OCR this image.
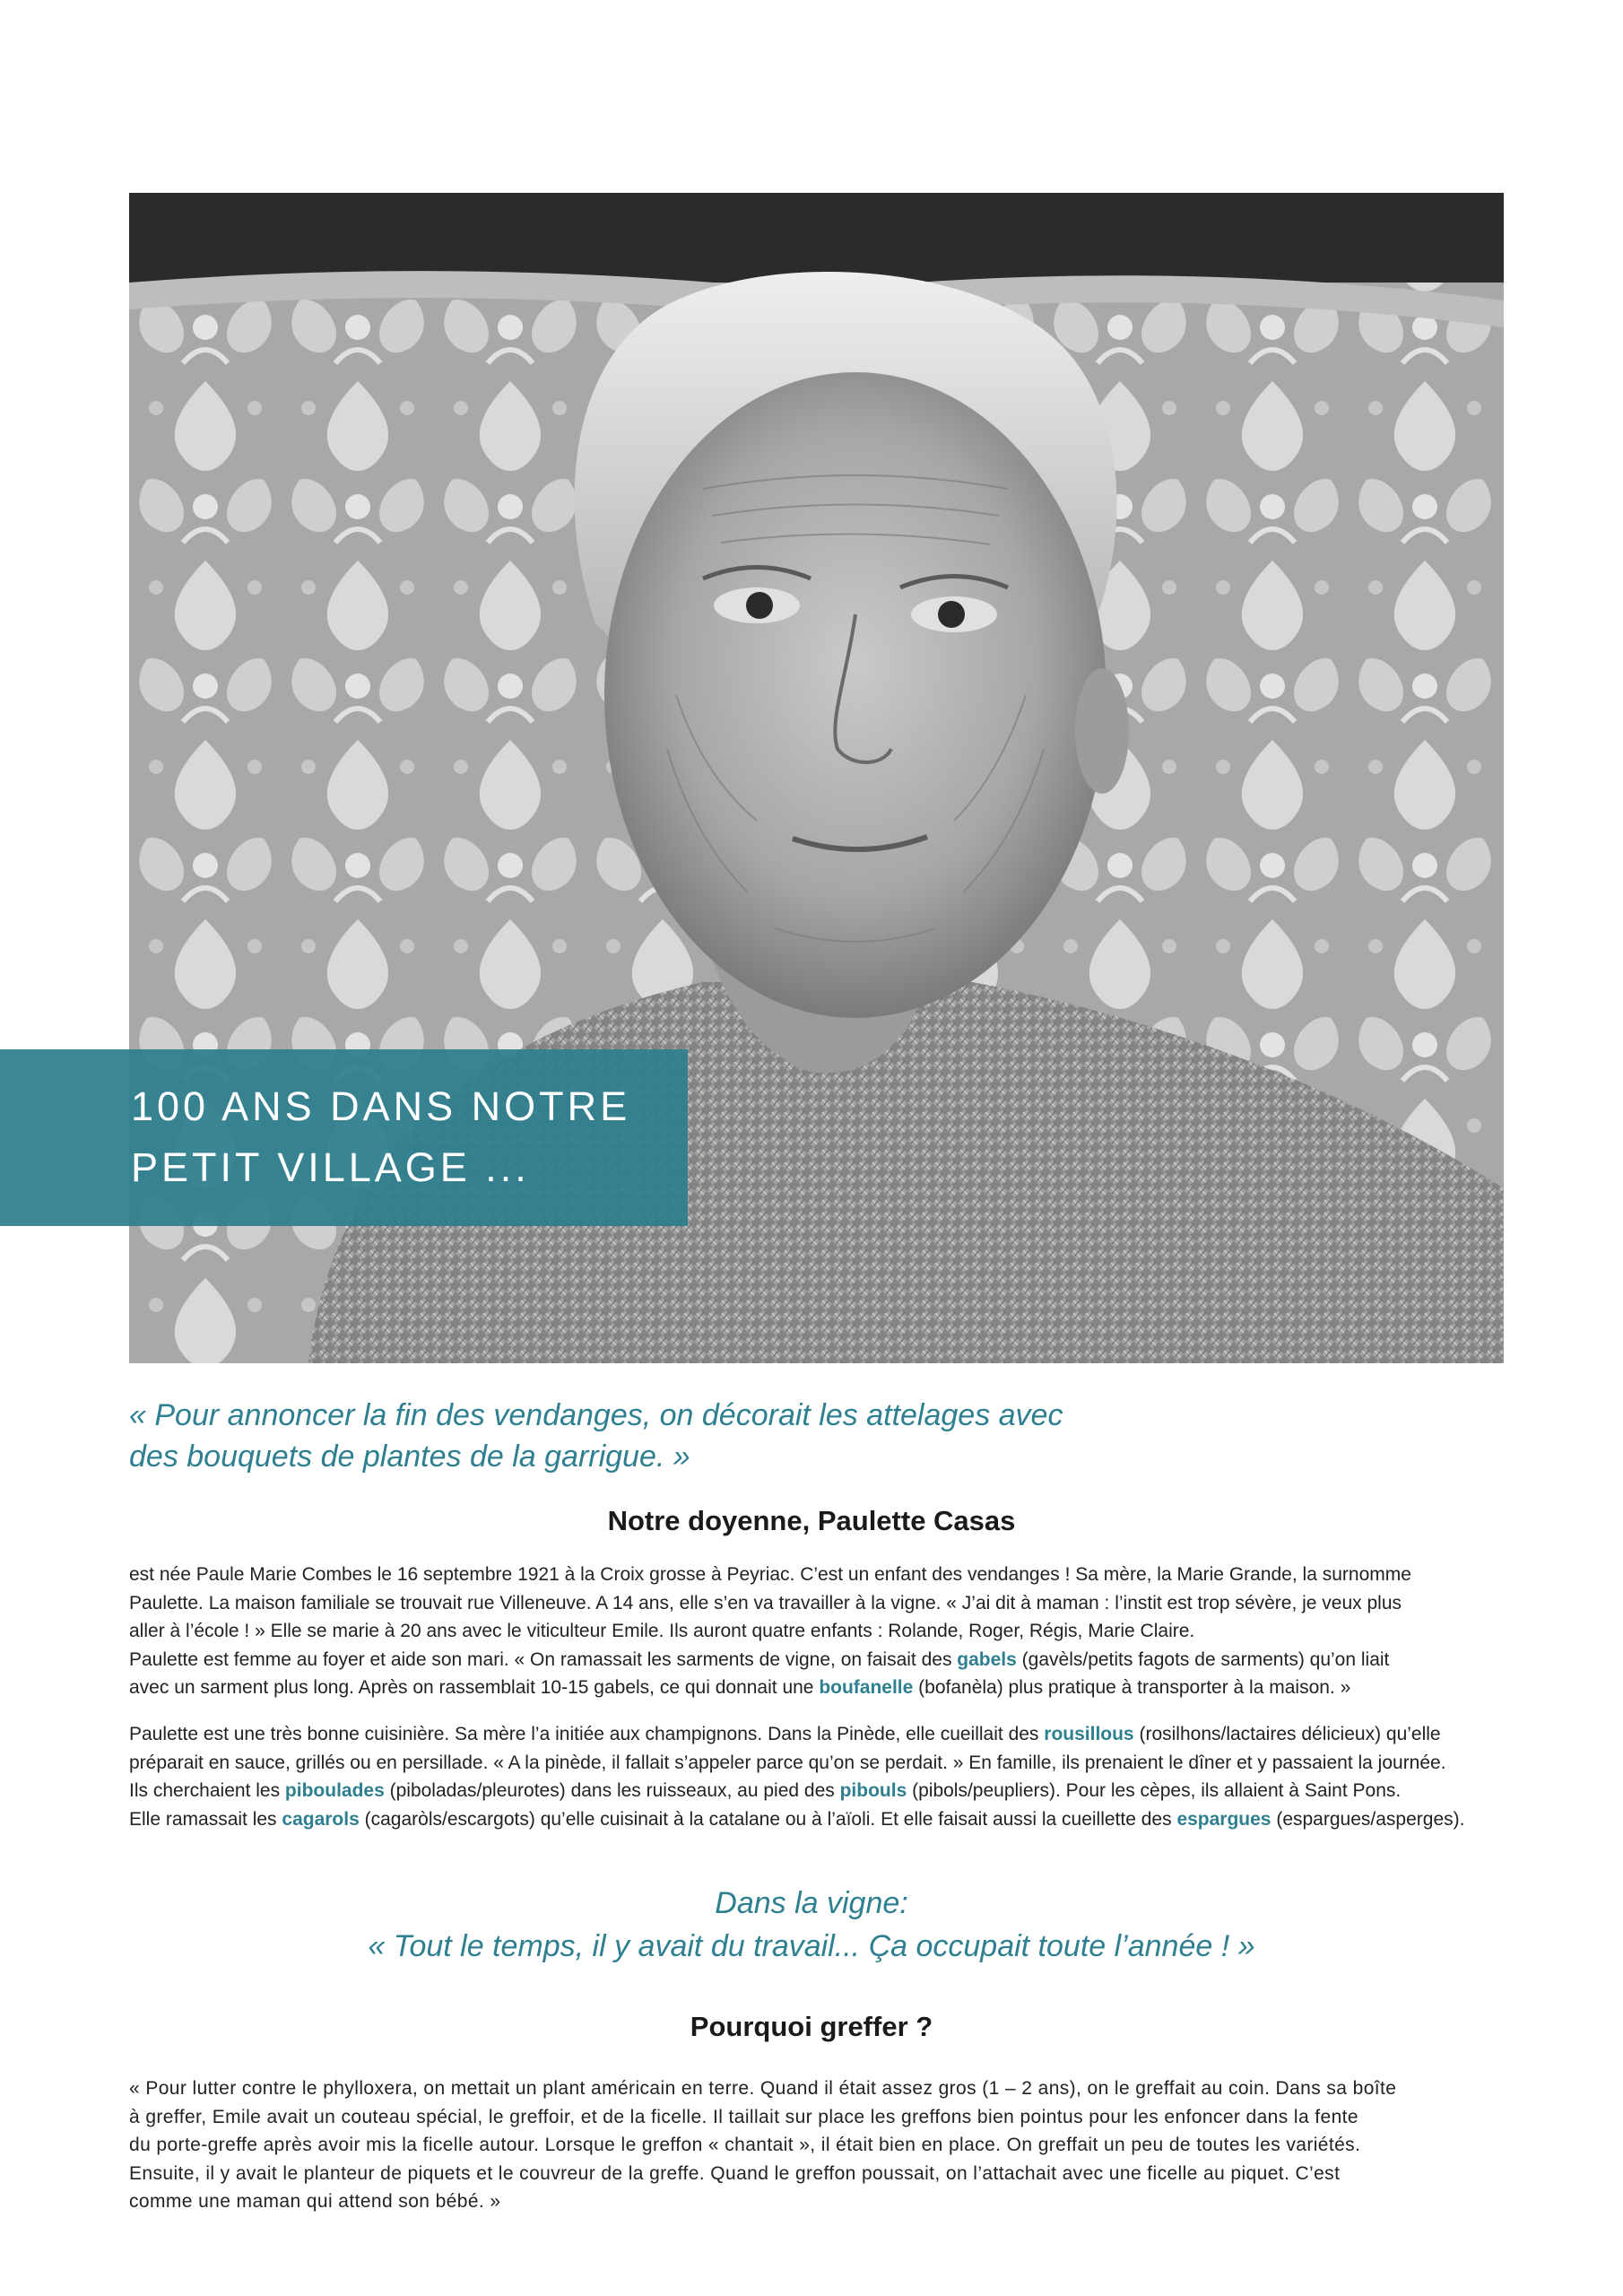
100 ANS DANS NOTRE
PETIT VILLAGE ...
« Pour annoncer la fin des vendanges, on décorait les attelages avec
des bouquets de plantes de la garrigue. »
Notre doyenne, Paulette Casas
est née Paule Marie Combes le 16 septembre 1921 à la Croix grosse à Peyriac. C’est un enfant des vendanges ! Sa mère, la Marie Grande, la surnomme
Paulette. La maison familiale se trouvait rue Villeneuve. A 14 ans, elle s’en va travailler à la vigne. « J’ai dit à maman : l’instit est trop sévère, je veux plus
aller à l’école ! » Elle se marie à 20 ans avec le viticulteur Emile. Ils auront quatre enfants : Rolande, Roger, Régis, Marie Claire.
Paulette est femme au foyer et aide son mari. « On ramassait les sarments de vigne, on faisait des gabels (gavèls/petits fagots de sarments) qu’on liait
avec un sarment plus long. Après on rassemblait 10-15 gabels, ce qui donnait une boufanelle (bofanèla) plus pratique à transporter à la maison. »
Paulette est une très bonne cuisinière. Sa mère l’a initiée aux champignons. Dans la Pinède, elle cueillait des rousillous (rosilhons/lactaires délicieux) qu’elle
préparait en sauce, grillés ou en persillade. « A la pinède, il fallait s’appeler parce qu’on se perdait. » En famille, ils prenaient le dîner et y passaient la journée.
Ils cherchaient les piboulades (piboladas/pleurotes) dans les ruisseaux, au pied des pibouls (pibols/peupliers). Pour les cèpes, ils allaient à Saint Pons.
Elle ramassait les cagarols (cagaròls/escargots) qu’elle cuisinait à la catalane ou à l’aïoli. Et elle faisait aussi la cueillette des espargues (espargues/asperges).
Dans la vigne:
« Tout le temps, il y avait du travail... Ça occupait toute l’année ! »
Pourquoi greffer ?
« Pour lutter contre le phylloxera, on mettait un plant américain en terre. Quand il était assez gros (1 – 2 ans), on le greffait au coin. Dans sa boîte
à greffer, Emile avait un couteau spécial, le greffoir, et de la ficelle. Il taillait sur place les greffons bien pointus pour les enfoncer dans la fente
du porte-greffe après avoir mis la ficelle autour. Lorsque le greffon « chantait », il était bien en place. On greffait un peu de toutes les variétés.
Ensuite, il y avait le planteur de piquets et le couvreur de la greffe. Quand le greffon poussait, on l’attachait avec une ficelle au piquet. C’est
comme une maman qui attend son bébé. »
